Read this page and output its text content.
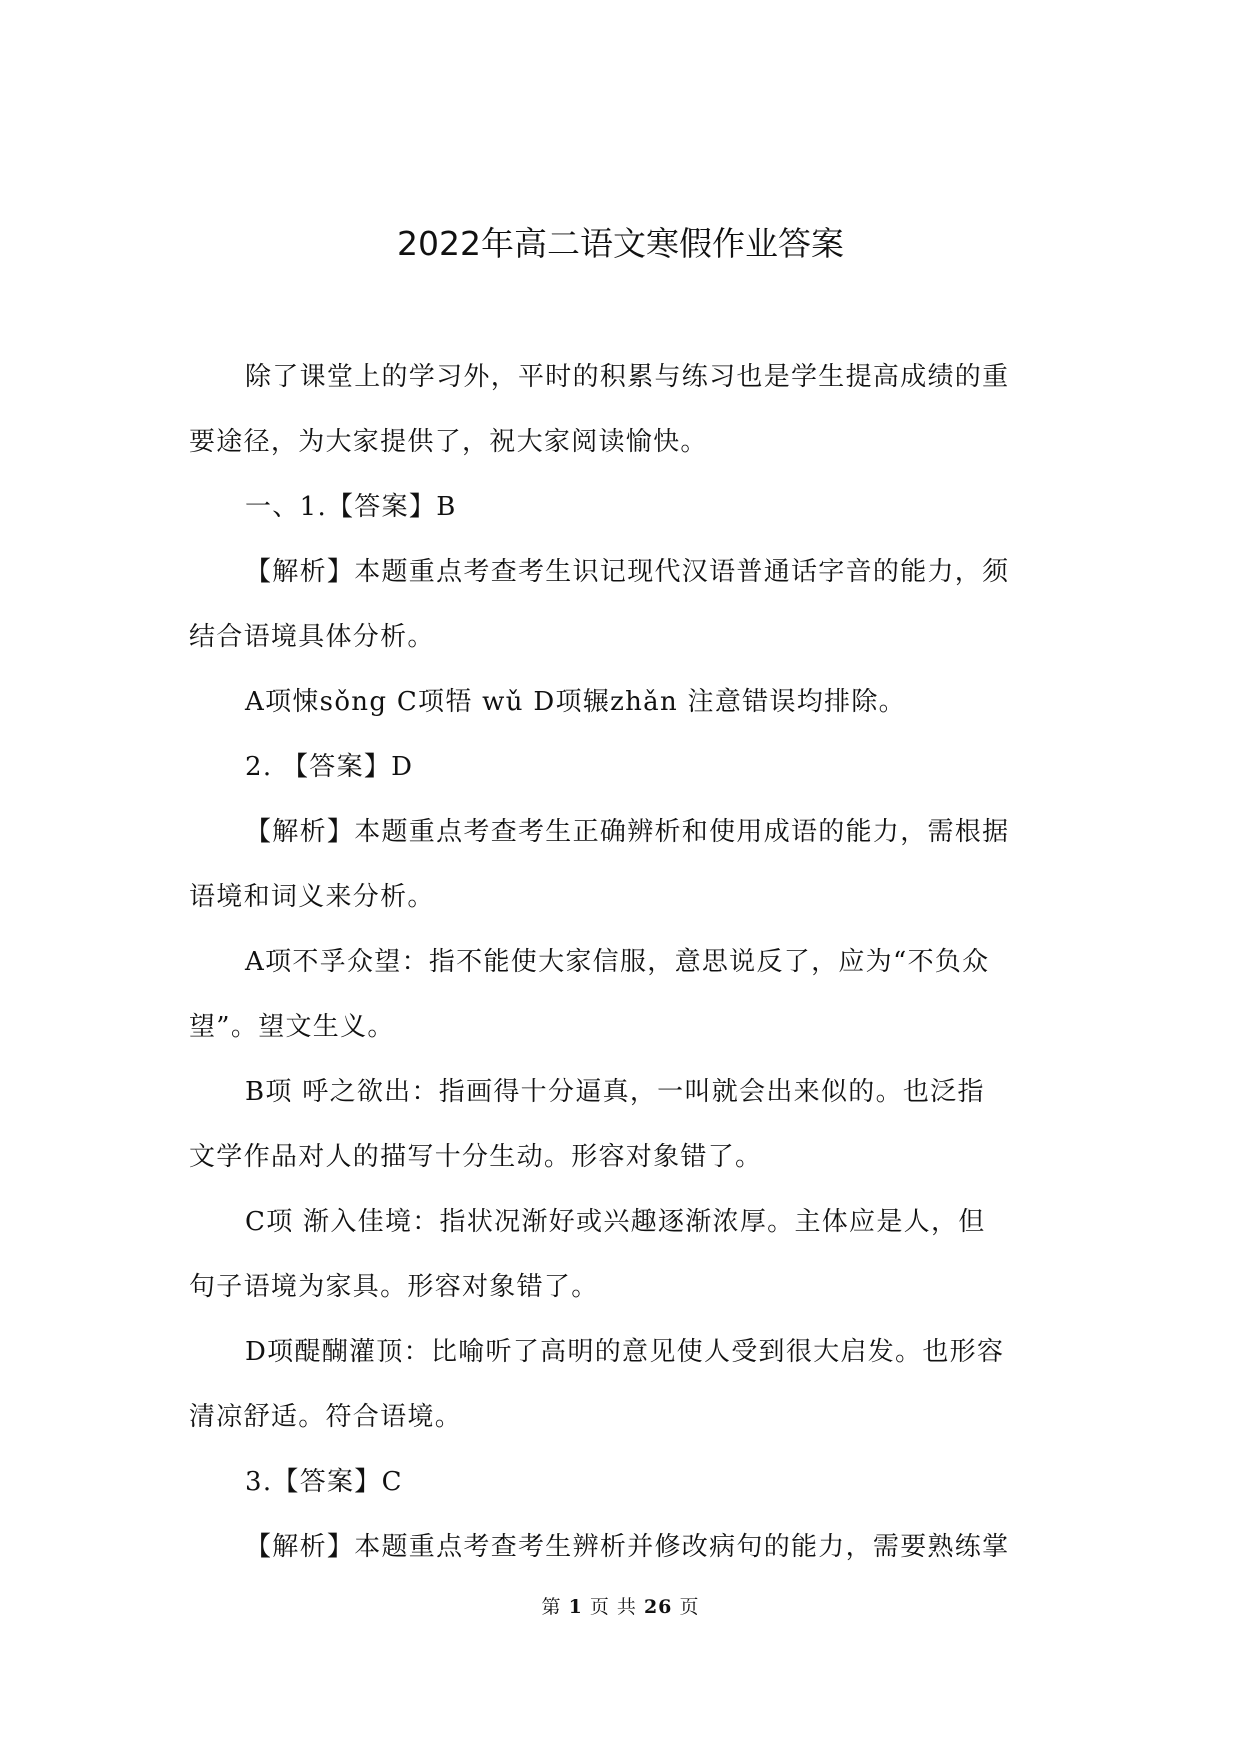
2022年高二语文寒假作业答案
除了课堂上的学习外，平时的积累与练习也是学生提高成绩的重
要途径，为大家提供了，祝大家阅读愉快。
一、1.【答案】B
【解析】本题重点考查考生识记现代汉语普通话字音的能力，须
结合语境具体分析。
A项悚sǒng C项牾 wǔ D项辗zhǎn 注意错误均排除。
2. 【答案】D
【解析】本题重点考查考生正确辨析和使用成语的能力，需根据
语境和词义来分析。
A项不孚众望：指不能使大家信服，意思说反了，应为“不负众
望”。望文生义。
B项 呼之欲出：指画得十分逼真，一叫就会出来似的。也泛指
文学作品对人的描写十分生动。形容对象错了。
C项 渐入佳境：指状况渐好或兴趣逐渐浓厚。主体应是人，但
句子语境为家具。形容对象错了。
D项醍醐灌顶：比喻听了高明的意见使人受到很大启发。也形容
清凉舒适。符合语境。
3.【答案】C
【解析】本题重点考查考生辨析并修改病句的能力，需要熟练掌
第 1 页 共 26 页
